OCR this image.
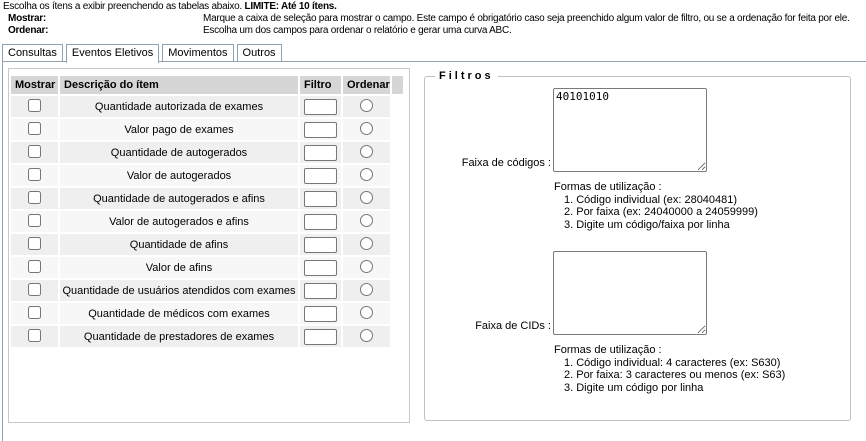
Escolha os ítens a exibir preenchendo as tabelas abaixo. LIMITE: Até 10 ítens.
Mostrar:	Marque a caixa de seleção para mostrar o campo. Este campo é obrigatório caso seja preenchido algum valor de filtro, ou se a ordenação for feita por ele.
Ordenar:	Escolha um dos campos para ordenar o relatório e gerar uma curva ABC.
Consultas	Eventos Eletivos	Movimentos	Outros
Mostrar	Descrição do ítem	Filtro	Ordenar	
	Quantidade autorizada de exames		
	Valor pago de exames		
	Quantidade de autogerados		
	Valor de autogerados		
	Quantidade de autogerados e afins		
	Valor de autogerados e afins		
	Quantidade de afins		
	Valor de afins		
	Quantidade de usuários atendidos com exames		
	Quantidade de médicos com exames		
	Quantidade de prestadores de exames		
Filtros
Faixa de códigos :
40101010
Formas de utilização :
1. Código individual (ex: 28040481)
2. Por faixa (ex: 24040000 a 24059999)
3. Digite um código/faixa por linha
Faixa de CIDs :
Formas de utilização :
1. Código individual: 4 caracteres (ex: S630)
2. Por faixa: 3 caracteres ou menos (ex: S63)
3. Digite um código por linha
